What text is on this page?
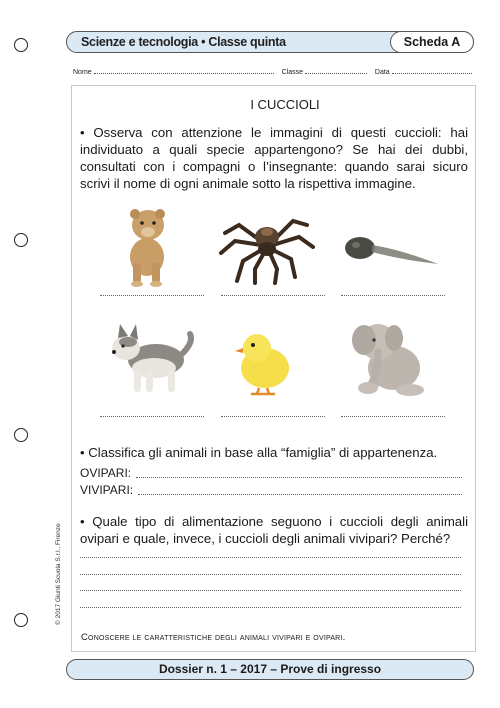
Scienze e tecnologia • Classe quinta	Scheda A
Nome	Classe	Data
I CUCCIOLI
• Osserva con attenzione le immagini di questi cuccioli: hai individuato a quali specie appartengono? Se hai dei dubbi, consultati con i compagni o l’insegnante: quando sarai sicuro scrivi il nome di ogni animale sotto la rispettiva immagine.
• Classifica gli animali in base alla “famiglia” di appartenenza.
OVIPARI:
VIVIPARI:
• Quale tipo di alimentazione seguono i cuccioli degli animali ovipari e quale, invece, i cuccioli degli animali vivipari? Perché?
Conoscere le caratteristiche degli animali vivipari e ovipari.
© 2017 Giunti Scuola S.r.l., Firenze
Dossier n. 1 – 2017 – Prove di ingresso
